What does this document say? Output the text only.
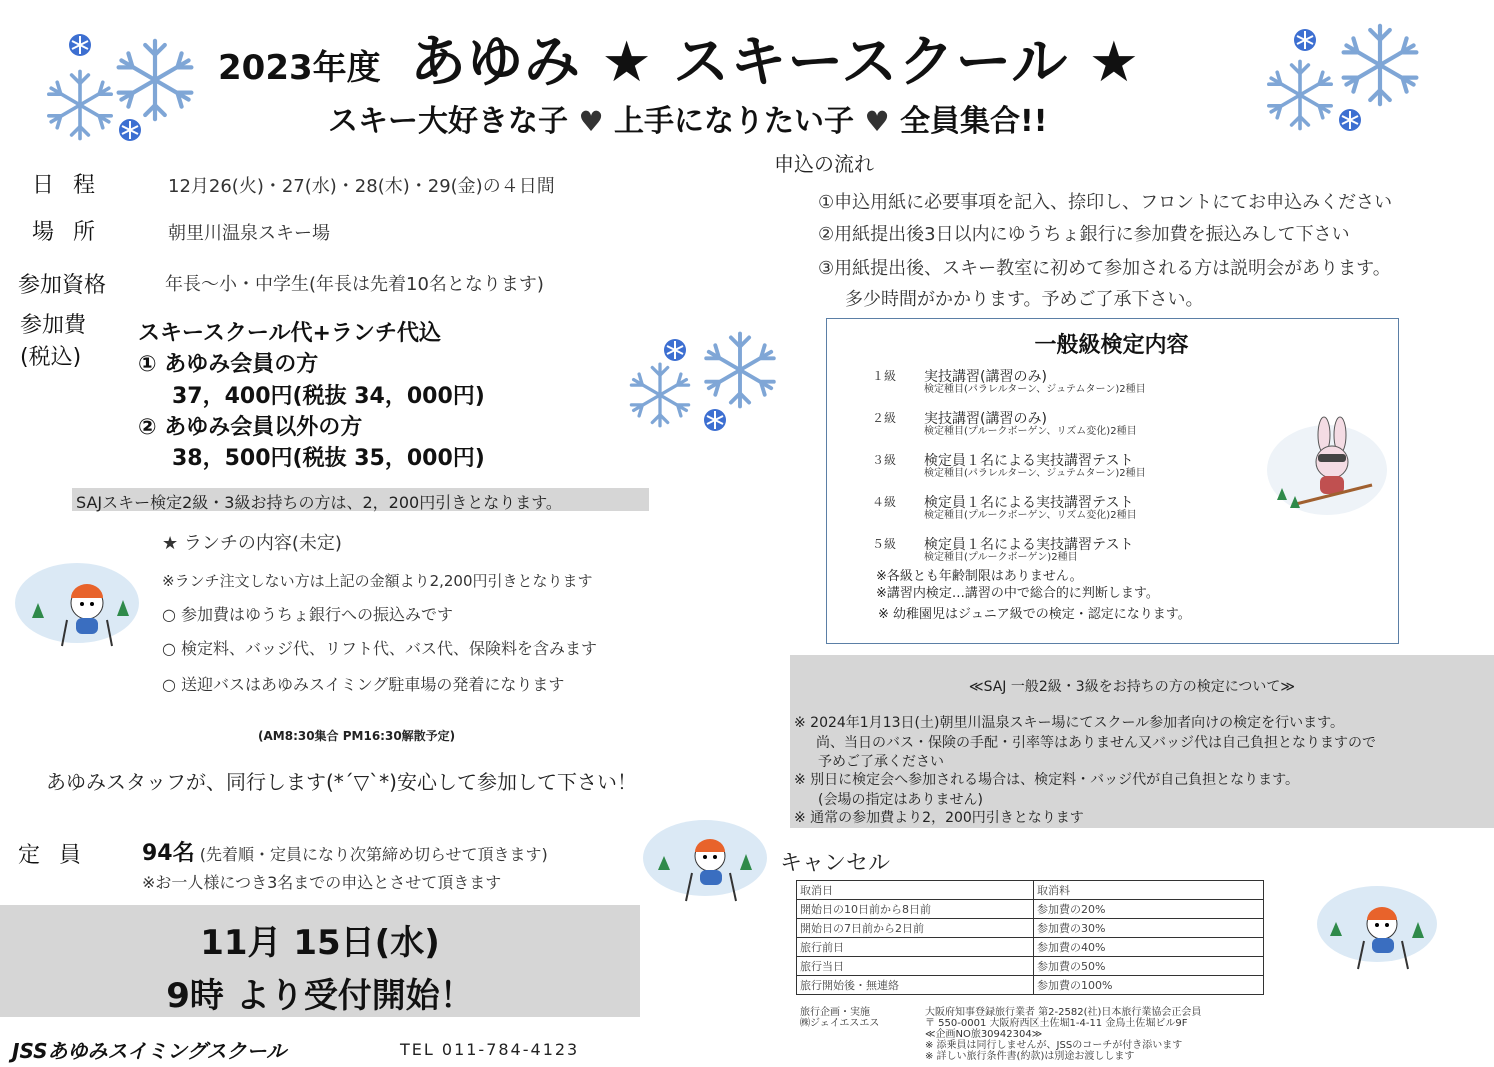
2023年度 あゆみ ★ スキースクール ★
スキー大好きな子 ♥ 上手になりたい子 ♥ 全員集合!!
日 程	12月26(火)・27(水)・28(木)・29(金)の４日間
場 所	朝里川温泉スキー場
参加資格	年長～小・中学生(年長は先着10名となります)
参加費
(税込)
スキースクール代+ランチ代込
① あゆみ会員の方
37，400円(税抜 34，000円)
② あゆみ会員以外の方
38，500円(税抜 35，000円)
SAJスキー検定2級・3級お持ちの方は、2，200円引きとなります。
★ ランチの内容(未定)
※ランチ注文しない方は上記の金額より2,200円引きとなります
○ 参加費はゆうちょ銀行への振込みです
○ 検定料、バッジ代、リフト代、バス代、保険料を含みます
○ 送迎バスはあゆみスイミング駐車場の発着になります
(AM8:30集合 PM16:30解散予定)
あゆみスタッフが、同行します(*´▽`*)安心して参加して下さい！
定 員	94名 (先着順・定員になり次第締め切らせて頂きます)
※お一人様につき3名までの申込とさせて頂きます
11月 15日(水)
9時 より受付開始！
JSSあゆみスイミングスクール	TEL 011-784-4123
申込の流れ
①申込用紙に必要事項を記入、捺印し、フロントにてお申込みください
②用紙提出後3日以内にゆうちょ銀行に参加費を振込みして下さい
③用紙提出後、スキー教室に初めて参加される方は説明会があります。
多少時間がかかります。予めご了承下さい。
一般級検定内容
１級 実技講習(講習のみ)
検定種目(パラレルターン、ジュテムターン)2種目
２級 実技講習(講習のみ)
検定種目(プルークボーゲン、リズム変化)2種目
３級 検定員１名による実技講習テスト
検定種目(パラレルターン、ジュテムターン)2種目
４級 検定員１名による実技講習テスト
検定種目(プルークボーゲン、リズム変化)2種目
５級 検定員１名による実技講習テスト
検定種目(プルークボーゲン)2種目
※各級とも年齢制限はありません。
※講習内検定…講習の中で総合的に判断します。
※ 幼稚園児はジュニア級での検定・認定になります。
≪SAJ 一般2級・3級をお持ちの方の検定について≫
※ 2024年1月13日(土)朝里川温泉スキー場にてスクール参加者向けの検定を行います。
尚、当日のバス・保険の手配・引率等はありません又バッジ代は自己負担となりますので
予めご了承ください
※ 別日に検定会へ参加される場合は、検定料・バッジ代が自己負担となります。
(会場の指定はありません)
※ 通常の参加費より2，200円引きとなります
キャンセル
取消日	取消料
開始日の10日前から8日前	参加費の20%
開始日の7日前から2日前	参加費の30%
旅行前日	参加費の40%
旅行当日	参加費の50%
旅行開始後・無連絡	参加費の100%
旅行企画・実施	大阪府知事登録旅行業者 第2-2582(社)日本旅行業協会正会員
㈱ジェイエスエス	〒 550-0001 大阪府西区土佐堀1-4-11 金鳥土佐堀ビル9F
≪企画NO旅30942304≫
※ 添乗員は同行しませんが、JSSのコーチが付き添います
※ 詳しい旅行条件書(約款)は別途お渡しします
